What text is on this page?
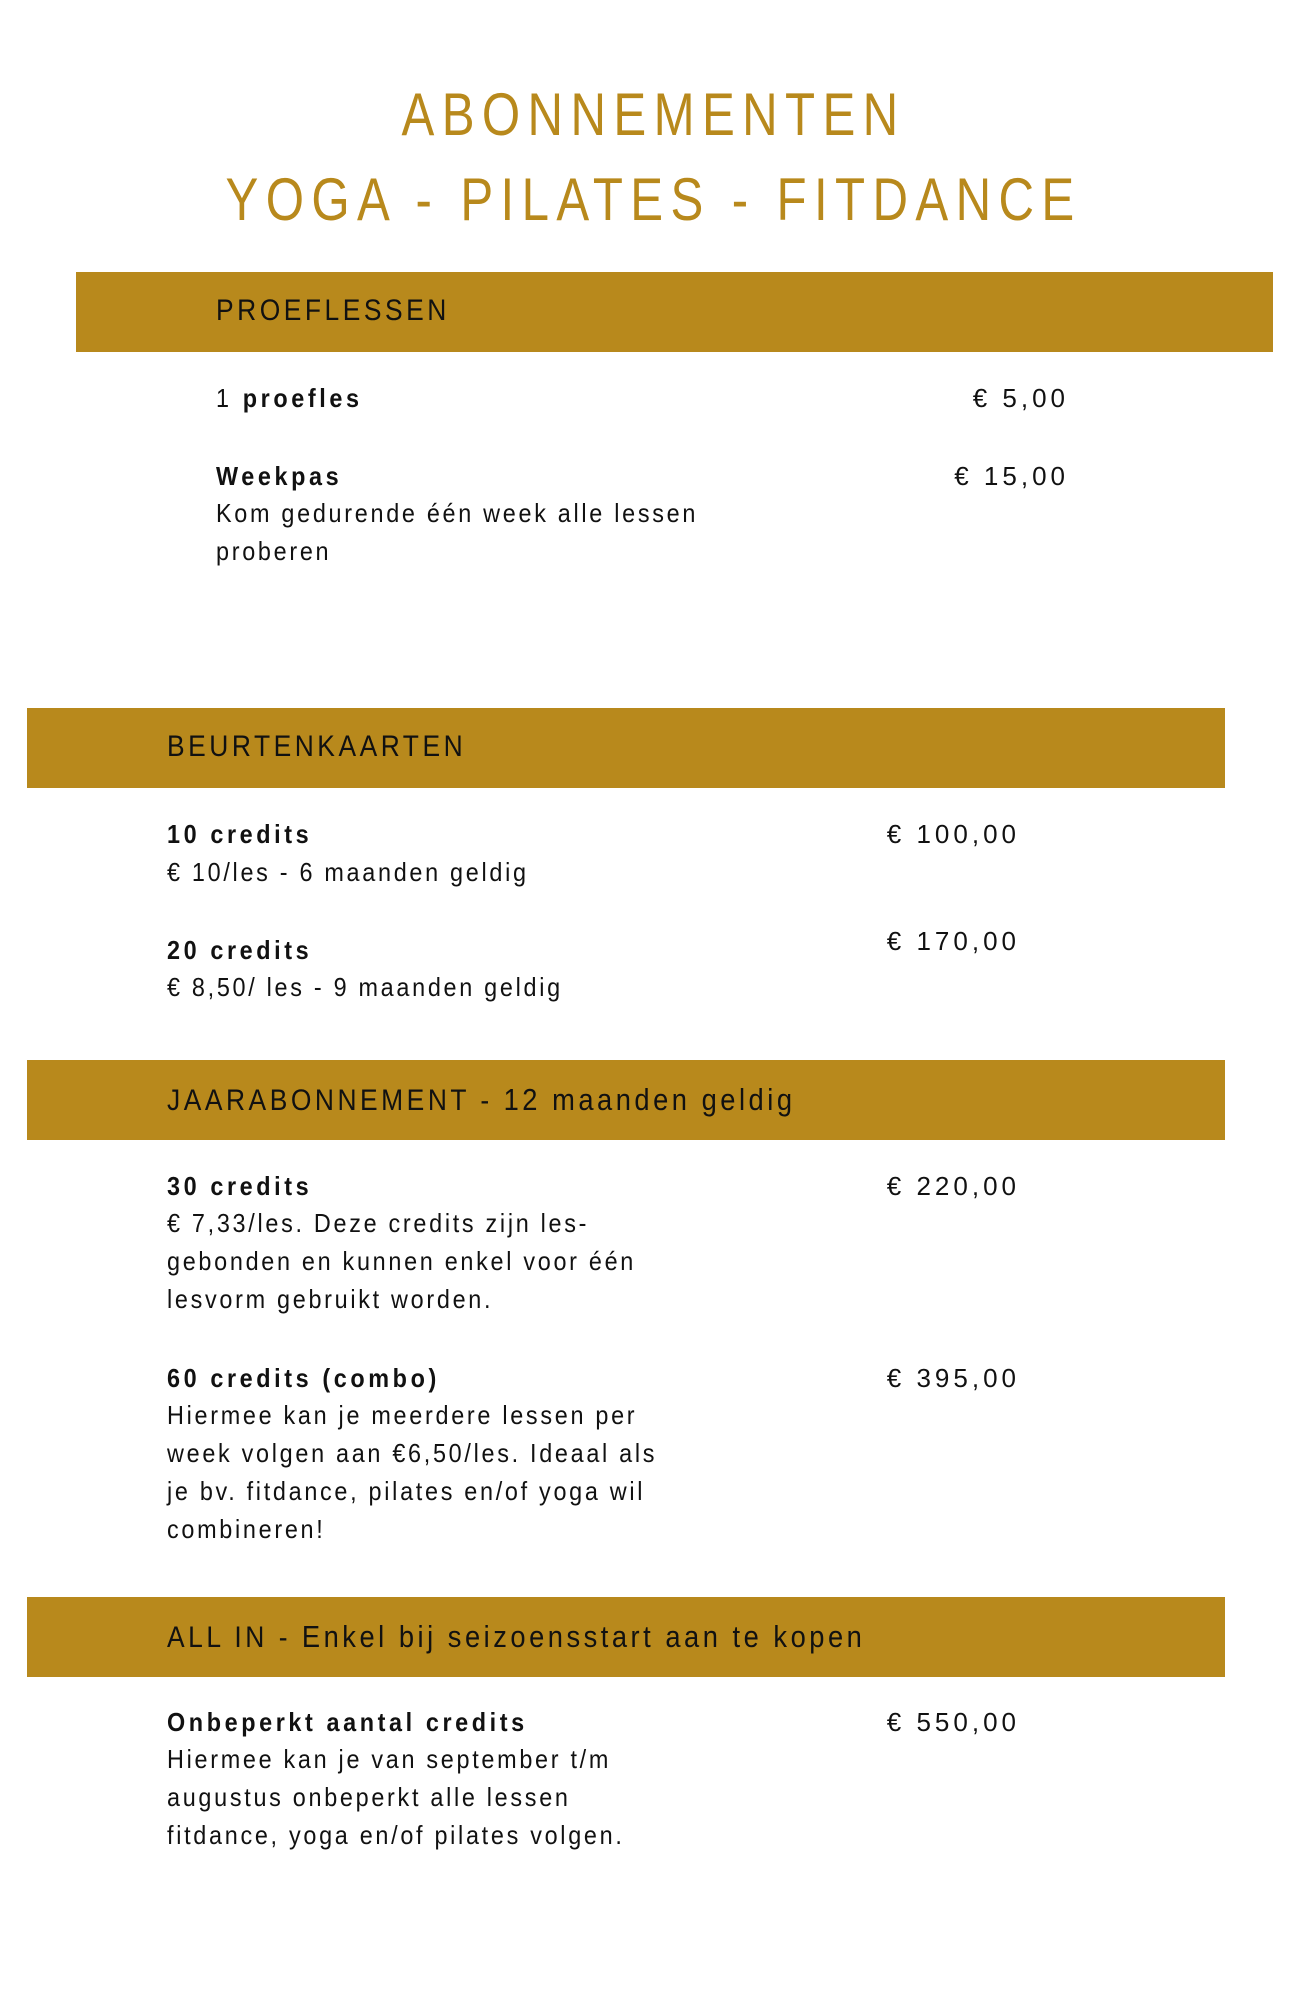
ABONNEMENTEN
YOGA - PILATES - FITDANCE
PROEFLESSEN
1 proefles	€ 5,00
Weekpas	€ 15,00
Kom gedurende één week alle lessen
proberen
BEURTENKAARTEN
10 credits	€ 100,00
€ 10/les - 6 maanden geldig
20 credits	€ 170,00
€ 8,50/ les - 9 maanden geldig
JAARABONNEMENT - 12 maanden geldig
30 credits	€ 220,00
€ 7,33/les. Deze credits zijn les-
gebonden en kunnen enkel voor één
lesvorm gebruikt worden.
60 credits (combo)	€ 395,00
Hiermee kan je meerdere lessen per
week volgen aan €6,50/les. Ideaal als
je bv. fitdance, pilates en/of yoga wil
combineren!
ALL IN - Enkel bij seizoensstart aan te kopen
Onbeperkt aantal credits	€ 550,00
Hiermee kan je van september t/m
augustus onbeperkt alle lessen
fitdance, yoga en/of pilates volgen.
